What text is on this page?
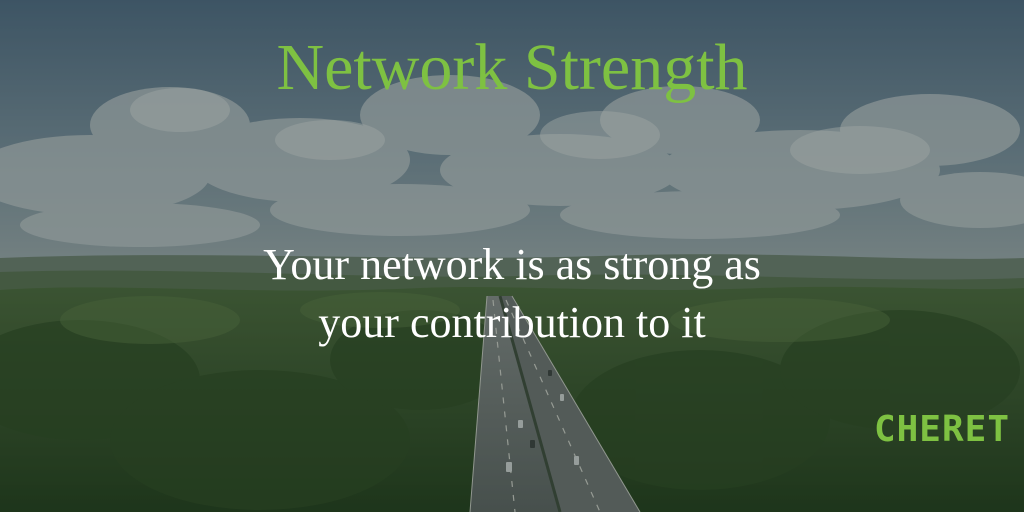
Network Strength
Your network is as strong as
your contribution to it
CHERET
